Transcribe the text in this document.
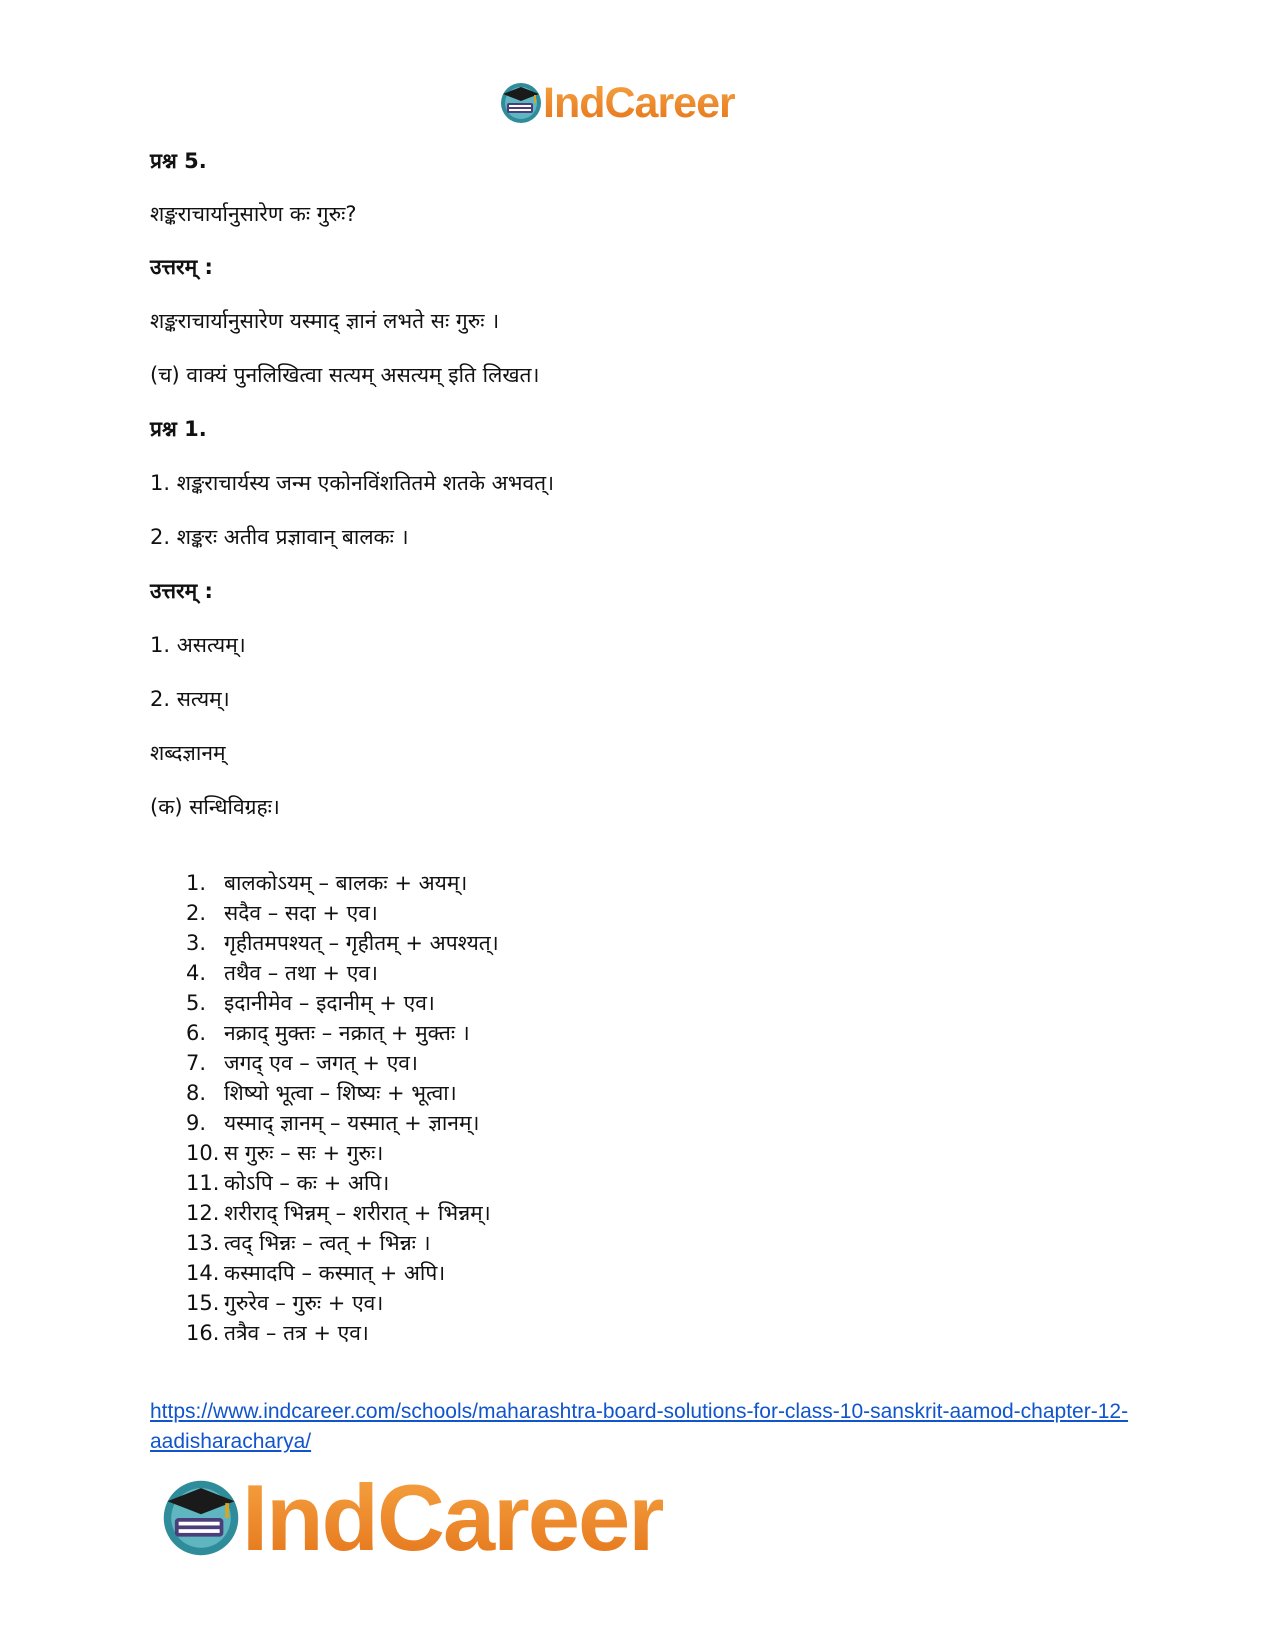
IndCareer
प्रश्न 5.
शङ्कराचार्यानुसारेण कः गुरुः?
उत्तरम् :
शङ्कराचार्यानुसारेण यस्माद् ज्ञानं लभते सः गुरुः ।
(च) वाक्यं पुनलिखित्वा सत्यम् असत्यम् इति लिखत।
प्रश्न 1.
1. शङ्कराचार्यस्य जन्म एकोनविंशतितमे शतके अभवत्।
2. शङ्करः अतीव प्रज्ञावान् बालकः ।
उत्तरम् :
1. असत्यम्।
2. सत्यम्।
शब्दज्ञानम्
(क) सन्धिविग्रहः।
1. बालकोऽयम् – बालकः + अयम्।
2. सदैव – सदा + एव।
3. गृहीतमपश्यत् – गृहीतम् + अपश्यत्।
4. तथैव – तथा + एव।
5. इदानीमेव – इदानीम् + एव।
6. नक्राद् मुक्तः – नक्रात् + मुक्तः ।
7. जगद् एव – जगत् + एव।
8. शिष्यो भूत्वा – शिष्यः + भूत्वा।
9. यस्माद् ज्ञानम् – यस्मात् + ज्ञानम्।
10. स गुरुः – सः + गुरुः।
11. कोऽपि – कः + अपि।
12. शरीराद् भिन्नम् – शरीरात् + भिन्नम्।
13. त्वद् भिन्नः – त्वत् + भिन्नः ।
14. कस्मादपि – कस्मात् + अपि।
15. गुरुरेव – गुरुः + एव।
16. तत्रैव – तत्र + एव।
https://www.indcareer.com/schools/maharashtra-board-solutions-for-class-10-sanskrit-aamod-chapter-12-aadisharacharya/
IndCareer
